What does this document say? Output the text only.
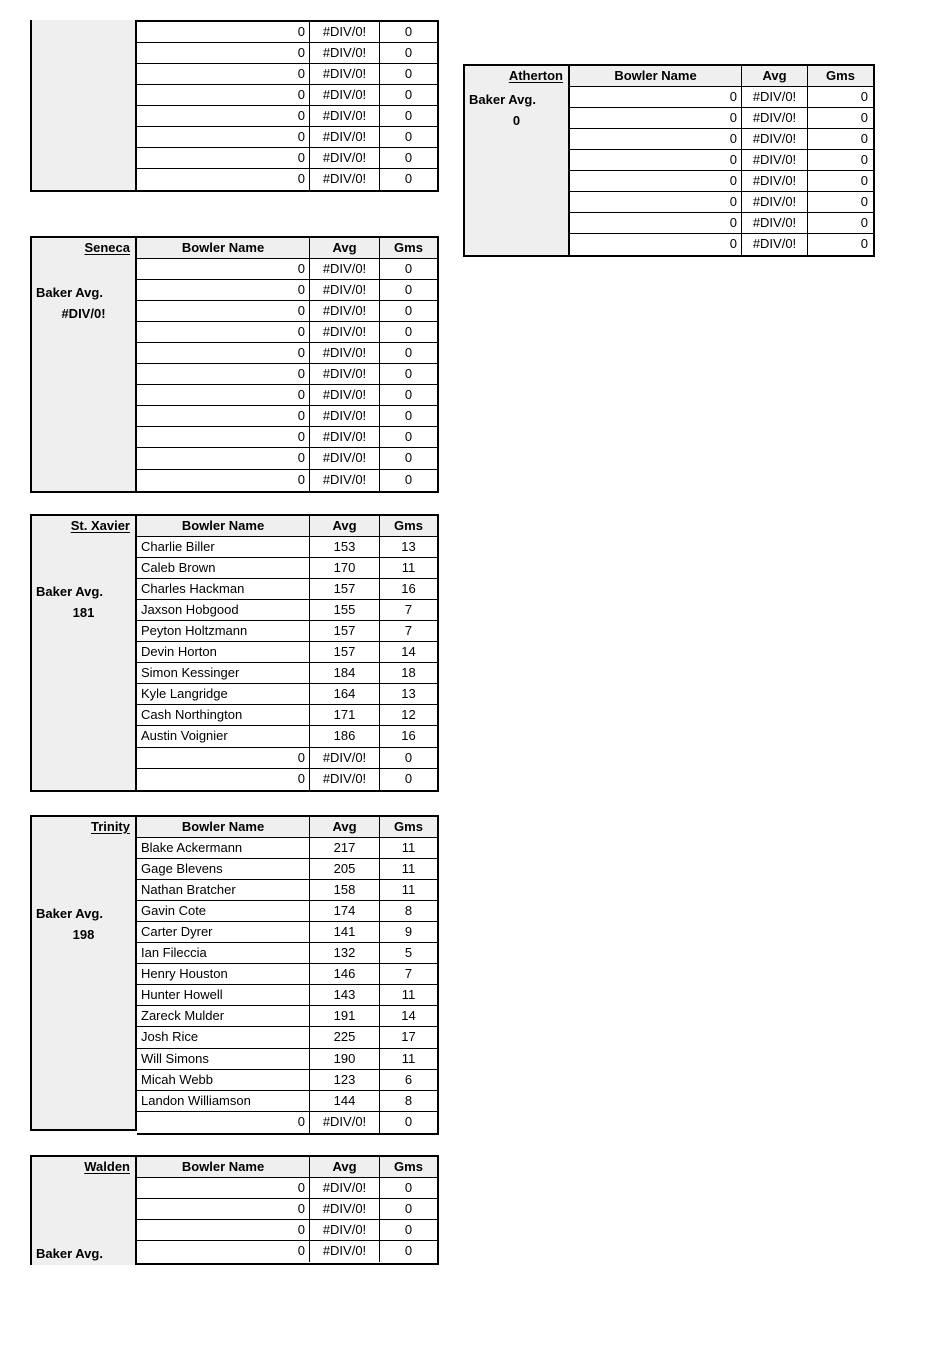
0	#DIV/0!	0
0	#DIV/0!	0
0	#DIV/0!	0
0	#DIV/0!	0
0	#DIV/0!	0
0	#DIV/0!	0
0	#DIV/0!	0
0	#DIV/0!	0
Atherton
Baker Avg.
0
Bowler Name	Avg	Gms
0	#DIV/0!	0
0	#DIV/0!	0
0	#DIV/0!	0
0	#DIV/0!	0
0	#DIV/0!	0
0	#DIV/0!	0
0	#DIV/0!	0
0	#DIV/0!	0
Seneca
Baker Avg.
#DIV/0!
Bowler Name	Avg	Gms
0	#DIV/0!	0
0	#DIV/0!	0
0	#DIV/0!	0
0	#DIV/0!	0
0	#DIV/0!	0
0	#DIV/0!	0
0	#DIV/0!	0
0	#DIV/0!	0
0	#DIV/0!	0
0	#DIV/0!	0
0	#DIV/0!	0
St. Xavier
Baker Avg.
181
Bowler Name	Avg	Gms
Charlie Biller	153	13
Caleb Brown	170	11
Charles Hackman	157	16
Jaxson Hobgood	155	7
Peyton Holtzmann	157	7
Devin Horton	157	14
Simon Kessinger	184	18
Kyle Langridge	164	13
Cash Northington	171	12
Austin Voignier	186	16
0	#DIV/0!	0
0	#DIV/0!	0
Trinity
Baker Avg.
198
Bowler Name	Avg	Gms
Blake Ackermann	217	11
Gage Blevens	205	11
Nathan Bratcher	158	11
Gavin Cote	174	8
Carter Dyrer	141	9
Ian Fileccia	132	5
Henry Houston	146	7
Hunter Howell	143	11
Zareck Mulder	191	14
Josh Rice	225	17
Will Simons	190	11
Micah Webb	123	6
Landon Williamson	144	8
0	#DIV/0!	0
Walden
Baker Avg.
Bowler Name	Avg	Gms
0	#DIV/0!	0
0	#DIV/0!	0
0	#DIV/0!	0
0	#DIV/0!	0
